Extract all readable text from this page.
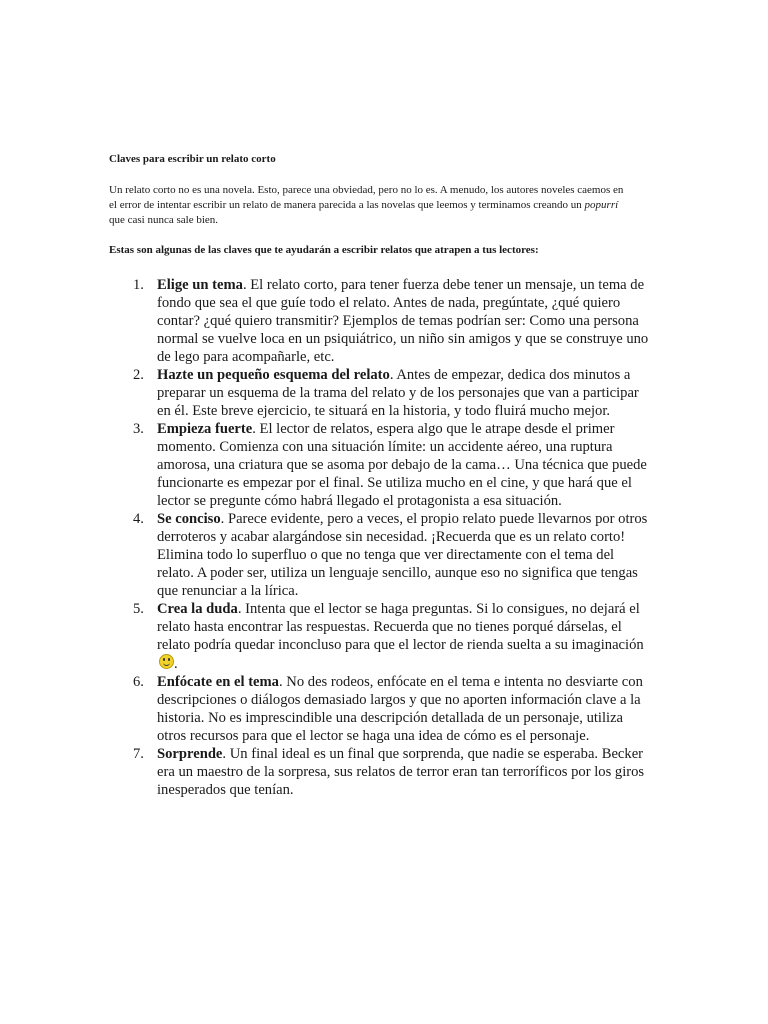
Claves para escribir un relato corto

Un relato corto no es una novela. Esto, parece una obviedad, pero no lo es. A menudo, los autores noveles caemos en el error de intentar escribir un relato de manera parecida a las novelas que leemos y terminamos creando un popurrí que casi nunca sale bien.

Estas son algunas de las claves que te ayudarán a escribir relatos que atrapen a tus lectores:
1. Elige un tema. El relato corto, para tener fuerza debe tener un mensaje, un tema de fondo que sea el que guíe todo el relato. Antes de nada, pregúntate, ¿qué quiero contar? ¿qué quiero transmitir? Ejemplos de temas podrían ser: Como una persona normal se vuelve loca en un psiquiátrico, un niño sin amigos y que se construye uno de lego para acompañarle, etc.
2. Hazte un pequeño esquema del relato. Antes de empezar, dedica dos minutos a preparar un esquema de la trama del relato y de los personajes que van a participar en él. Este breve ejercicio, te situará en la historia, y todo fluirá mucho mejor.
3. Empieza fuerte. El lector de relatos, espera algo que le atrape desde el primer momento. Comienza con una situación límite: un accidente aéreo, una ruptura amorosa, una criatura que se asoma por debajo de la cama… Una técnica que puede funcionarte es empezar por el final. Se utiliza mucho en el cine, y que hará que el lector se pregunte cómo habrá llegado el protagonista a esa situación.
4. Se conciso. Parece evidente, pero a veces, el propio relato puede llevarnos por otros derroteros y acabar alargándose sin necesidad. ¡Recuerda que es un relato corto! Elimina todo lo superfluo o que no tenga que ver directamente con el tema del relato. A poder ser, utiliza un lenguaje sencillo, aunque eso no significa que tengas que renunciar a la lírica.
5. Crea la duda. Intenta que el lector se haga preguntas. Si lo consigues, no dejará el relato hasta encontrar las respuestas. Recuerda que no tienes porqué dárselas, el relato podría quedar inconcluso para que el lector de rienda suelta a su imaginación .
6. Enfócate en el tema. No des rodeos, enfócate en el tema e intenta no desviarte con descripciones o diálogos demasiado largos y que no aporten información clave a la historia. No es imprescindible una descripción detallada de un personaje, utiliza otros recursos para que el lector se haga una idea de cómo es el personaje.
7. Sorprende. Un final ideal es un final que sorprenda, que nadie se esperaba. Becker era un maestro de la sorpresa, sus relatos de terror eran tan terroríficos por los giros inesperados que tenían.
